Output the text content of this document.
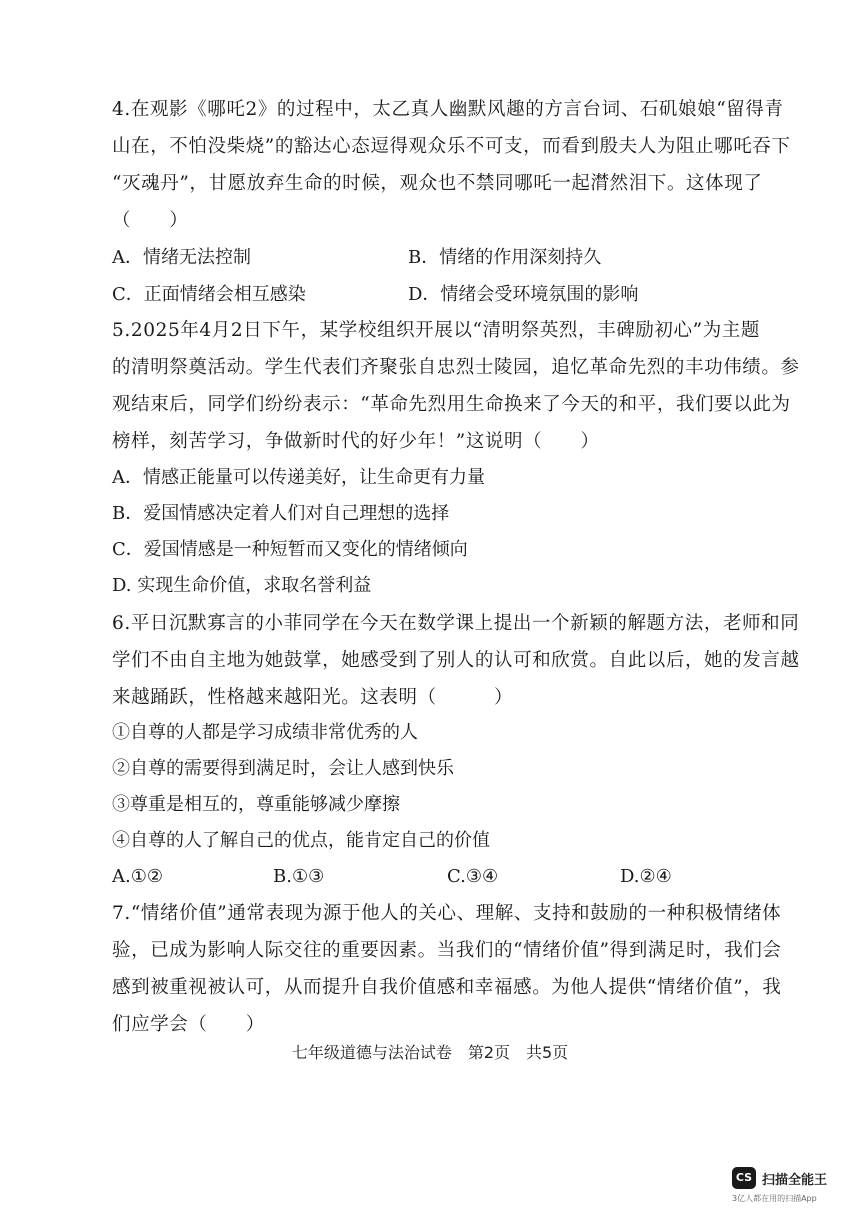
4.在观影《哪吒2》的过程中，太乙真人幽默风趣的方言台词、石矶娘娘“留得青
山在，不怕没柴烧”的豁达心态逗得观众乐不可支，而看到殷夫人为阻止哪吒吞下
“灭魂丹”，甘愿放弃生命的时候，观众也不禁同哪吒一起潸然泪下。这体现了
（　　）
A．情绪无法控制	B．情绪的作用深刻持久
C．正面情绪会相互感染	D．情绪会受环境氛围的影响
5.2025年4月2日下午，某学校组织开展以“清明祭英烈，丰碑励初心”为主题
的清明祭奠活动。学生代表们齐聚张自忠烈士陵园，追忆革命先烈的丰功伟绩。参
观结束后，同学们纷纷表示：“革命先烈用生命换来了今天的和平，我们要以此为
榜样，刻苦学习，争做新时代的好少年！”这说明（　　）
A．情感正能量可以传递美好，让生命更有力量
B．爱国情感决定着人们对自己理想的选择
C．爱国情感是一种短暂而又变化的情绪倾向
D. 实现生命价值，求取名誉利益
6.平日沉默寡言的小菲同学在今天在数学课上提出一个新颖的解题方法，老师和同
学们不由自主地为她鼓掌，她感受到了别人的认可和欣赏。自此以后，她的发言越
来越踊跃，性格越来越阳光。这表明（　　　）
①自尊的人都是学习成绩非常优秀的人
②自尊的需要得到满足时，会让人感到快乐
③尊重是相互的，尊重能够减少摩擦
④自尊的人了解自己的优点，能肯定自己的价值
A.①②	B.①③	C.③④	D.②④
7.“情绪价值”通常表现为源于他人的关心、理解、支持和鼓励的一种积极情绪体
验，已成为影响人际交往的重要因素。当我们的“情绪价值”得到满足时，我们会
感到被重视被认可，从而提升自我价值感和幸福感。为他人提供“情绪价值”，我
们应学会（　　）
七年级道德与法治试卷　第2页　共5页
CS 扫描全能王
3亿人都在用的扫描App
